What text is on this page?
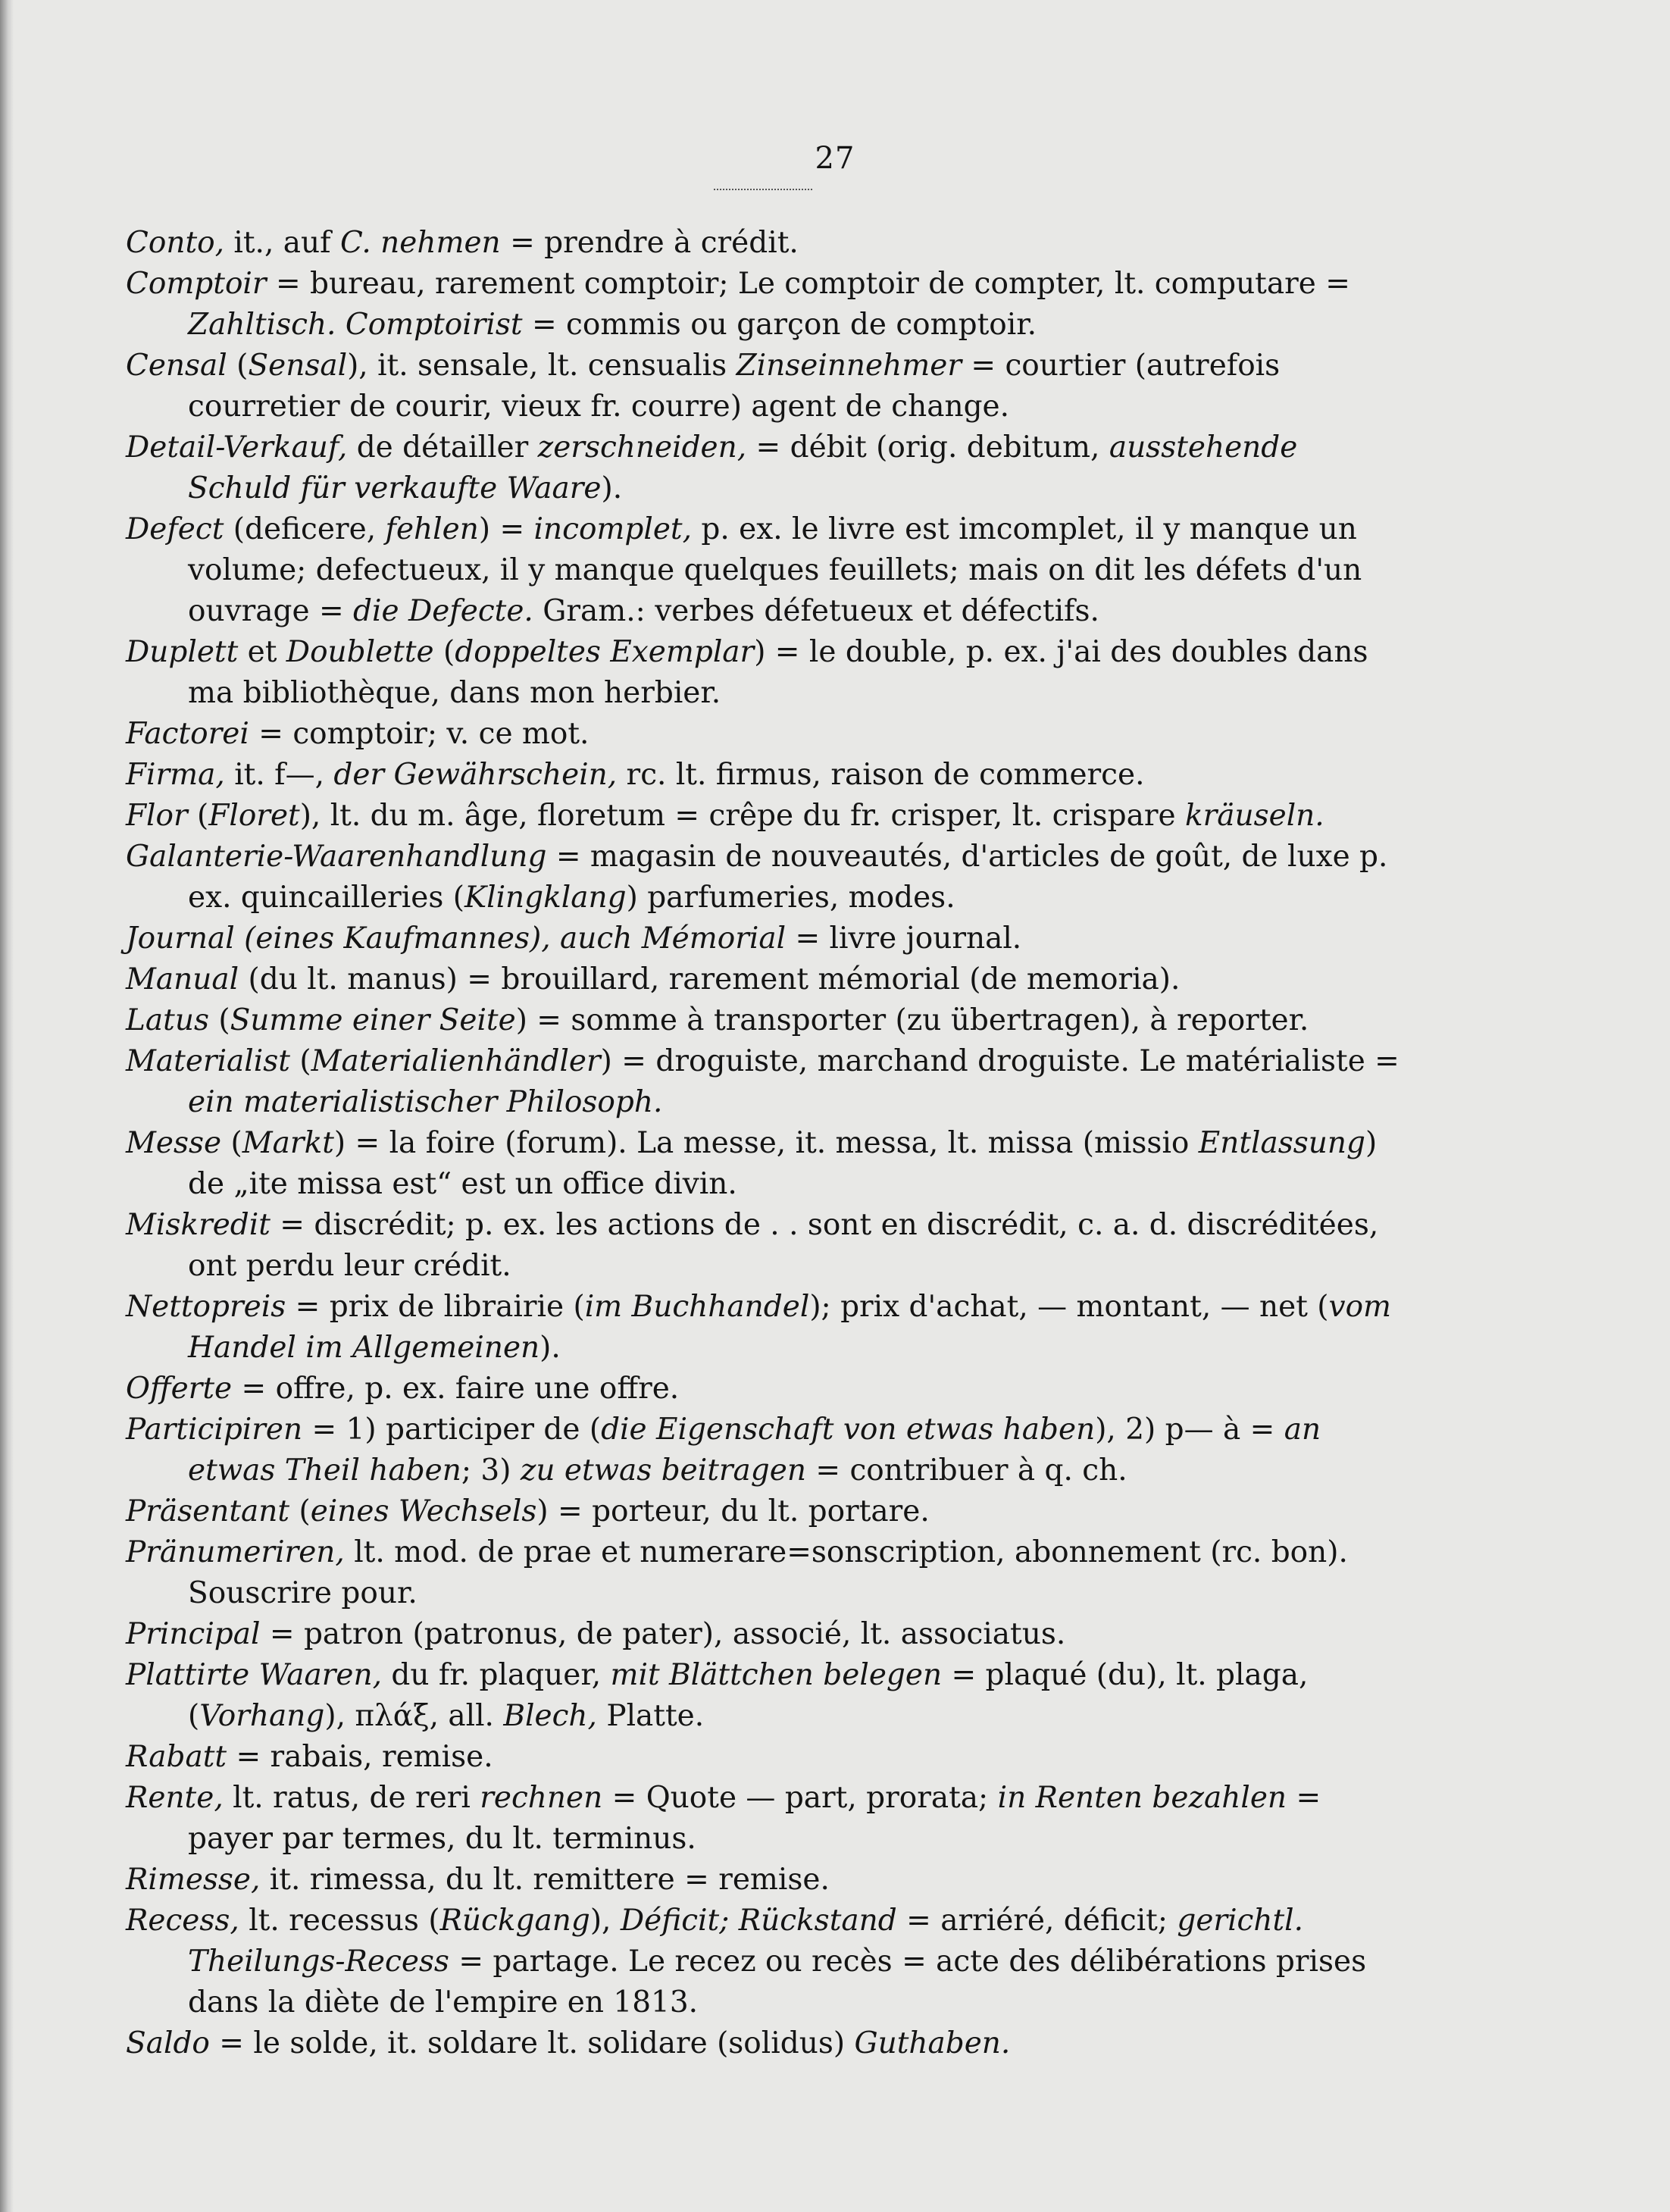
27

Conto, it., auf C. nehmen = prendre à crédit.

Comptoir = bureau, rarement comptoir; Le comptoir de compter, lt. computare = Zahltisch. Comptoirist = commis ou garçon de comptoir.

Censal (Sensal), it. sensale, lt. censualis Zinseinnehmer = courtier (autrefois courretier de courir, vieux fr. courre) agent de change.

Detail-Verkauf, de détailler zerschneiden, = débit (orig. debitum, ausstehende Schuld für verkaufte Waare).

Defect (deficere, fehlen) = incomplet, p. ex. le livre est imcomplet, il y manque un volume; defectueux, il y manque quelques feuillets; mais on dit les défets d'un ouvrage = die Defecte. Gram.: verbes défetueux et défectifs.

Duplett et Doublette (doppeltes Exemplar) = le double, p. ex. j'ai des doubles dans ma bibliothèque, dans mon herbier.

Factorei = comptoir; v. ce mot.

Firma, it. f—, der Gewährschein, rc. lt. firmus, raison de commerce.

Flor (Floret), lt. du m. âge, floretum = crêpe du fr. crisper, lt. crispare kräuseln.

Galanterie-Waarenhandlung = magasin de nouveautés, d'articles de goût, de luxe p. ex. quincailleries (Klingklang) parfumeries, modes.

Journal (eines Kaufmannes), auch Mémorial = livre journal.

Manual (du lt. manus) = brouillard, rarement mémorial (de memoria).

Latus (Summe einer Seite) = somme à transporter (zu übertragen), à reporter.

Materialist (Materialienhändler) = droguiste, marchand droguiste. Le matérialiste = ein materialistischer Philosoph.

Messe (Markt) = la foire (forum). La messe, it. messa, lt. missa (missio Entlassung) de „ite missa est“ est un office divin.

Miskredit = discrédit; p. ex. les actions de . . sont en discrédit, c. a. d. discréditées, ont perdu leur crédit.

Nettopreis = prix de librairie (im Buchhandel); prix d'achat, — montant, — net (vom Handel im Allgemeinen).

Offerte = offre, p. ex. faire une offre.

Participiren = 1) participer de (die Eigenschaft von etwas haben), 2) p— à = an etwas Theil haben; 3) zu etwas beitragen = contribuer à q. ch.

Präsentant (eines Wechsels) = porteur, du lt. portare.

Pränumeriren, lt. mod. de prae et numerare=sonscription, abonnement (rc. bon). Souscrire pour.

Principal = patron (patronus, de pater), associé, lt. associatus.

Plattirte Waaren, du fr. plaquer, mit Blättchen belegen = plaqué (du), lt. plaga, (Vorhang), πλάξ, all. Blech, Platte.

Rabatt = rabais, remise.

Rente, lt. ratus, de reri rechnen = Quote — part, prorata; in Renten bezahlen = payer par termes, du lt. terminus.

Rimesse, it. rimessa, du lt. remittere = remise.

Recess, lt. recessus (Rückgang), Déficit; Rückstand = arriéré, déficit; gerichtl. Theilungs-Recess = partage. Le recez ou recès = acte des délibérations prises dans la diète de l'empire en 1813.

Saldo = le solde, it. soldare lt. solidare (solidus) Guthaben.
